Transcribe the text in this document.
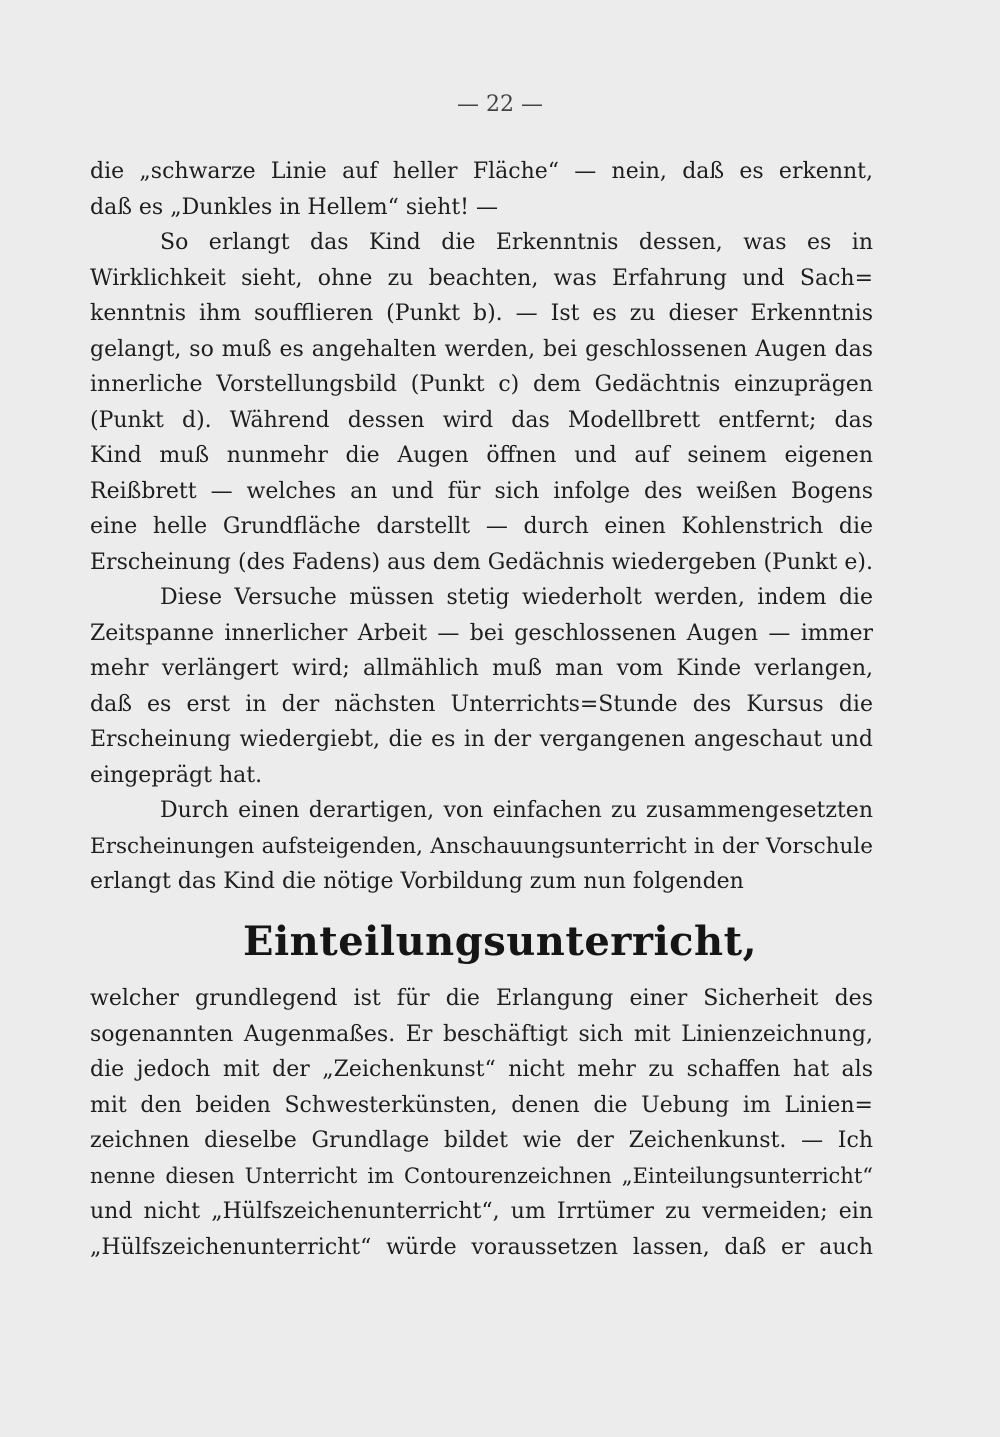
— 22 —
die „schwarze Linie auf heller Fläche“ — nein, daß es erkennt,
daß es „Dunkles in Hellem“ sieht! —
So erlangt das Kind die Erkenntnis dessen, was es in
Wirklichkeit sieht, ohne zu beachten, was Erfahrung und Sach=
kenntnis ihm soufflieren (Punkt b). — Ist es zu dieser Erkenntnis
gelangt, so muß es angehalten werden, bei geschlossenen Augen das
innerliche Vorstellungsbild (Punkt c) dem Gedächtnis einzuprägen
(Punkt d). Während dessen wird das Modellbrett entfernt; das
Kind muß nunmehr die Augen öffnen und auf seinem eigenen
Reißbrett — welches an und für sich infolge des weißen Bogens
eine helle Grundfläche darstellt — durch einen Kohlenstrich die
Erscheinung (des Fadens) aus dem Gedächnis wiedergeben (Punkt e).
Diese Versuche müssen stetig wiederholt werden, indem die
Zeitspanne innerlicher Arbeit — bei geschlossenen Augen — immer
mehr verlängert wird; allmählich muß man vom Kinde verlangen,
daß es erst in der nächsten Unterrichts=Stunde des Kursus die
Erscheinung wiedergiebt, die es in der vergangenen angeschaut und
eingeprägt hat.
Durch einen derartigen, von einfachen zu zusammengesetzten
Erscheinungen aufsteigenden, Anschauungsunterricht in der Vorschule
erlangt das Kind die nötige Vorbildung zum nun folgenden
Einteilungsunterricht,
welcher grundlegend ist für die Erlangung einer Sicherheit des
sogenannten Augenmaßes. Er beschäftigt sich mit Linienzeichnung,
die jedoch mit der „Zeichenkunst“ nicht mehr zu schaffen hat als
mit den beiden Schwesterkünsten, denen die Uebung im Linien=
zeichnen dieselbe Grundlage bildet wie der Zeichenkunst. — Ich
nenne diesen Unterricht im Contourenzeichnen „Einteilungsunterricht“
und nicht „Hülfszeichenunterricht“, um Irrtümer zu vermeiden; ein
„Hülfszeichenunterricht“ würde voraussetzen lassen, daß er auch
